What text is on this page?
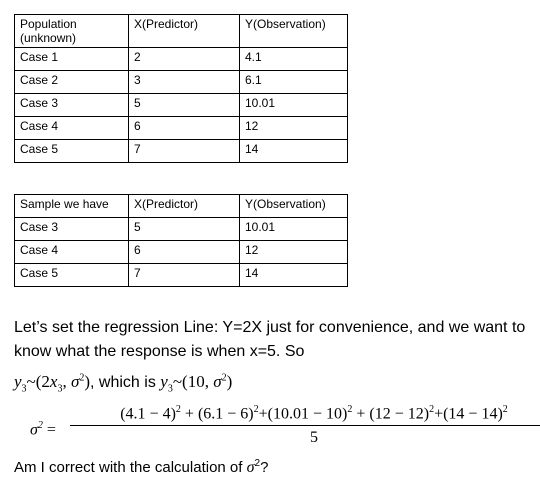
Population (unknown)	X(Predictor)	Y(Observation)
Case 1	2	4.1
Case 2	3	6.1
Case 3	5	10.01
Case 4	6	12
Case 5	7	14
Sample we have	X(Predictor)	Y(Observation)
Case 3	5	10.01
Case 4	6	12
Case 5	7	14
Let’s set the regression Line: Y=2X just for convenience, and we want to know what the response is when x=5. So
$y_3\sim(2x_3$, $\sigma^2$), which is $y_3\sim(10$, $\sigma^2$)
$\sigma^2$ =
$(4.1 - 4)^2 + (6.1 - 6)^2+(10.01 - 10)^2 + (12 - 12)^2+(14 - 14)^2$
5
Am I correct with the calculation of $\sigma^2$?
